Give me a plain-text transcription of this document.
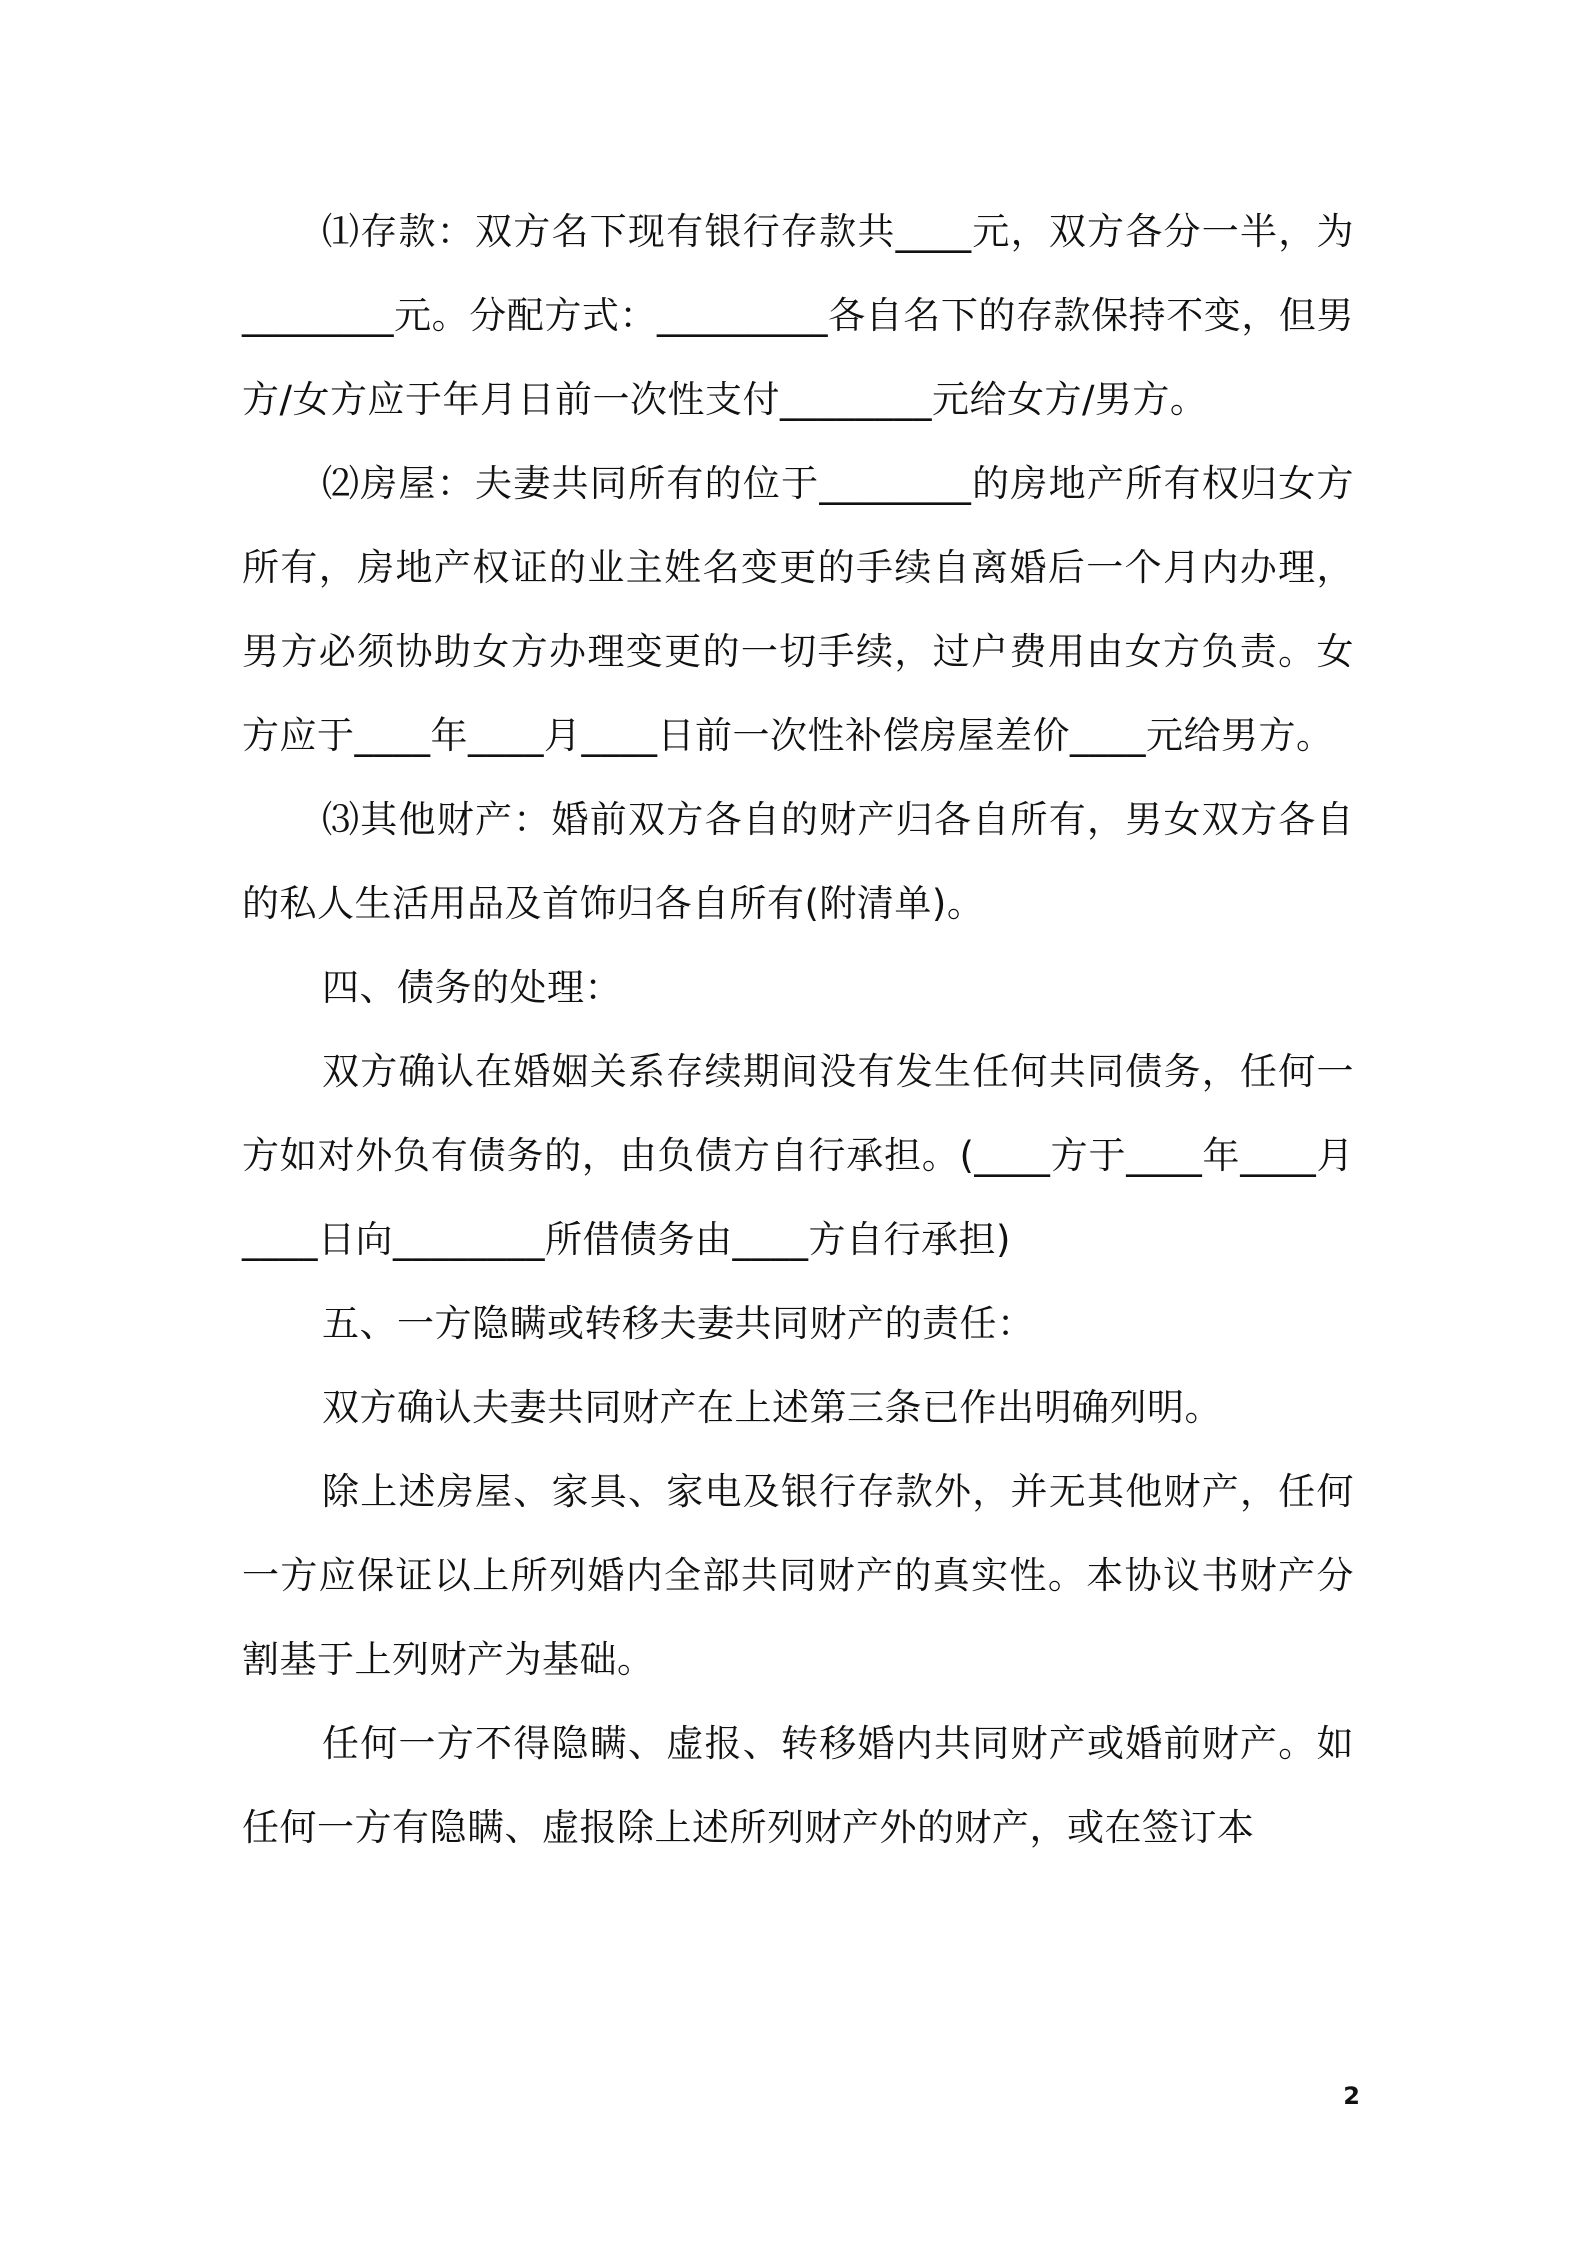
⑴存款：双方名下现有银行存款共____元，双方各分一半，为________元。分配方式：_________各自名下的存款保持不变，但男方/女方应于年月日前一次性支付________元给女方/男方。

⑵房屋：夫妻共同所有的位于________的房地产所有权归女方所有，房地产权证的业主姓名变更的手续自离婚后一个月内办理，男方必须协助女方办理变更的一切手续，过户费用由女方负责。女方应于____年____月____日前一次性补偿房屋差价____元给男方。

⑶其他财产：婚前双方各自的财产归各自所有，男女双方各自的私人生活用品及首饰归各自所有(附清单)。

四、债务的处理：

双方确认在婚姻关系存续期间没有发生任何共同债务，任何一方如对外负有债务的，由负债方自行承担。(____方于____年____月____日向________所借债务由____方自行承担)

五、一方隐瞒或转移夫妻共同财产的责任：

双方确认夫妻共同财产在上述第三条已作出明确列明。

除上述房屋、家具、家电及银行存款外，并无其他财产，任何一方应保证以上所列婚内全部共同财产的真实性。本协议书财产分割基于上列财产为基础。

任何一方不得隐瞒、虚报、转移婚内共同财产或婚前财产。如任何一方有隐瞒、虚报除上述所列财产外的财产，或在签订本

2
